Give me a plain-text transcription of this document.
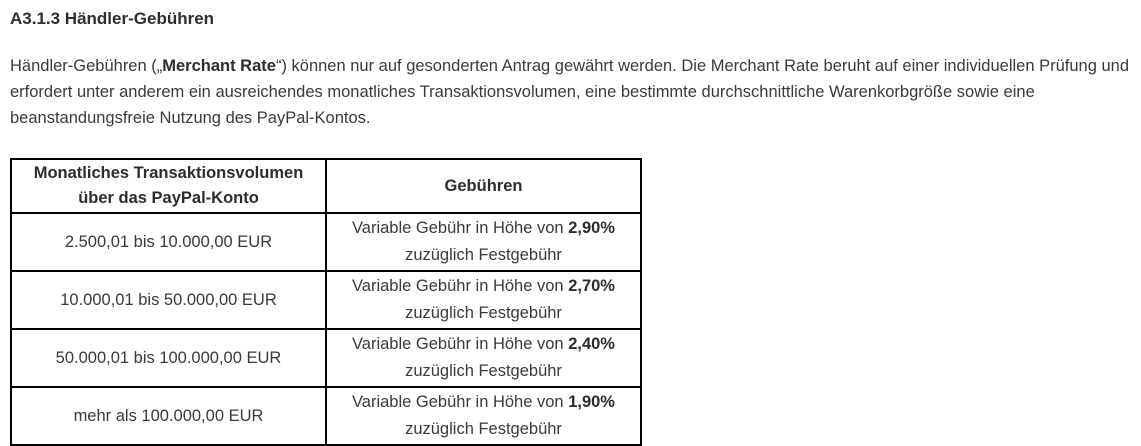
A3.1.3 Händler-Gebühren

Händler-Gebühren („Merchant Rate“) können nur auf gesonderten Antrag gewährt werden. Die Merchant Rate beruht auf einer individuellen Prüfung und erfordert unter anderem ein ausreichendes monatliches Transaktionsvolumen, eine bestimmte durchschnittliche Warenkorbgröße sowie eine beanstandungsfreie Nutzung des PayPal-Kontos.

Monatliches Transaktionsvolumen
über das PayPal-Konto	Gebühren

2.500,01 bis 10.000,00 EUR	Variable Gebühr in Höhe von 2,90%
zuzüglich Festgebühr

10.000,01 bis 50.000,00 EUR	Variable Gebühr in Höhe von 2,70%
zuzüglich Festgebühr

50.000,01 bis 100.000,00 EUR	Variable Gebühr in Höhe von 2,40%
zuzüglich Festgebühr

mehr als 100.000,00 EUR	Variable Gebühr in Höhe von 1,90%
zuzüglich Festgebühr
